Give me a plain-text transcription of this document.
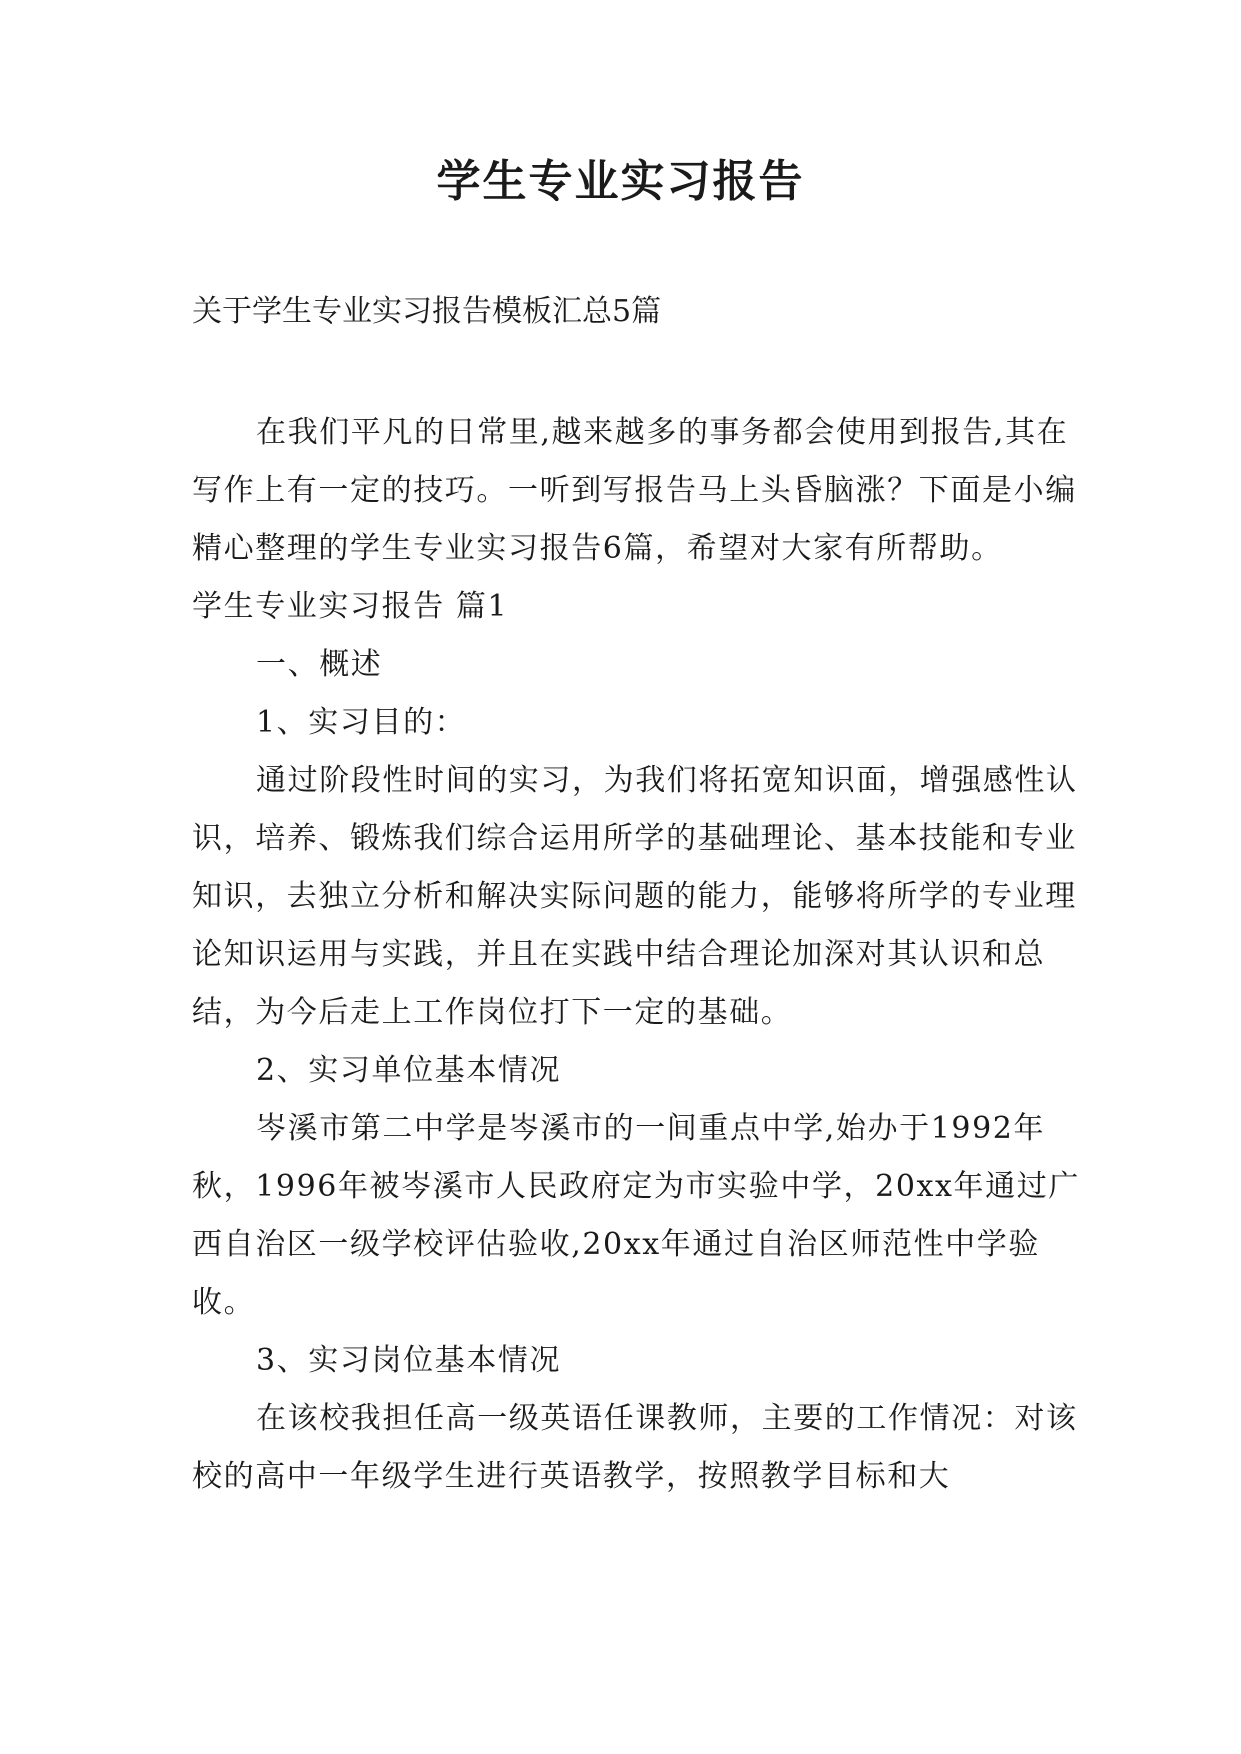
学生专业实习报告

关于学生专业实习报告模板汇总5篇

在我们平凡的日常里,越来越多的事务都会使用到报告,其在写作上有一定的技巧。一听到写报告马上头昏脑涨？下面是小编精心整理的学生专业实习报告6篇，希望对大家有所帮助。

学生专业实习报告 篇1

一、概述

1、实习目的：

通过阶段性时间的实习，为我们将拓宽知识面，增强感性认识，培养、锻炼我们综合运用所学的基础理论、基本技能和专业知识，去独立分析和解决实际问题的能力，能够将所学的专业理论知识运用与实践，并且在实践中结合理论加深对其认识和总结，为今后走上工作岗位打下一定的基础。

2、实习单位基本情况

岑溪市第二中学是岑溪市的一间重点中学,始办于1992年秋，1996年被岑溪市人民政府定为市实验中学，20xx年通过广西自治区一级学校评估验收,20xx年通过自治区师范性中学验收。

3、实习岗位基本情况

在该校我担任高一级英语任课教师，主要的工作情况：对该校的高中一年级学生进行英语教学，按照教学目标和大
